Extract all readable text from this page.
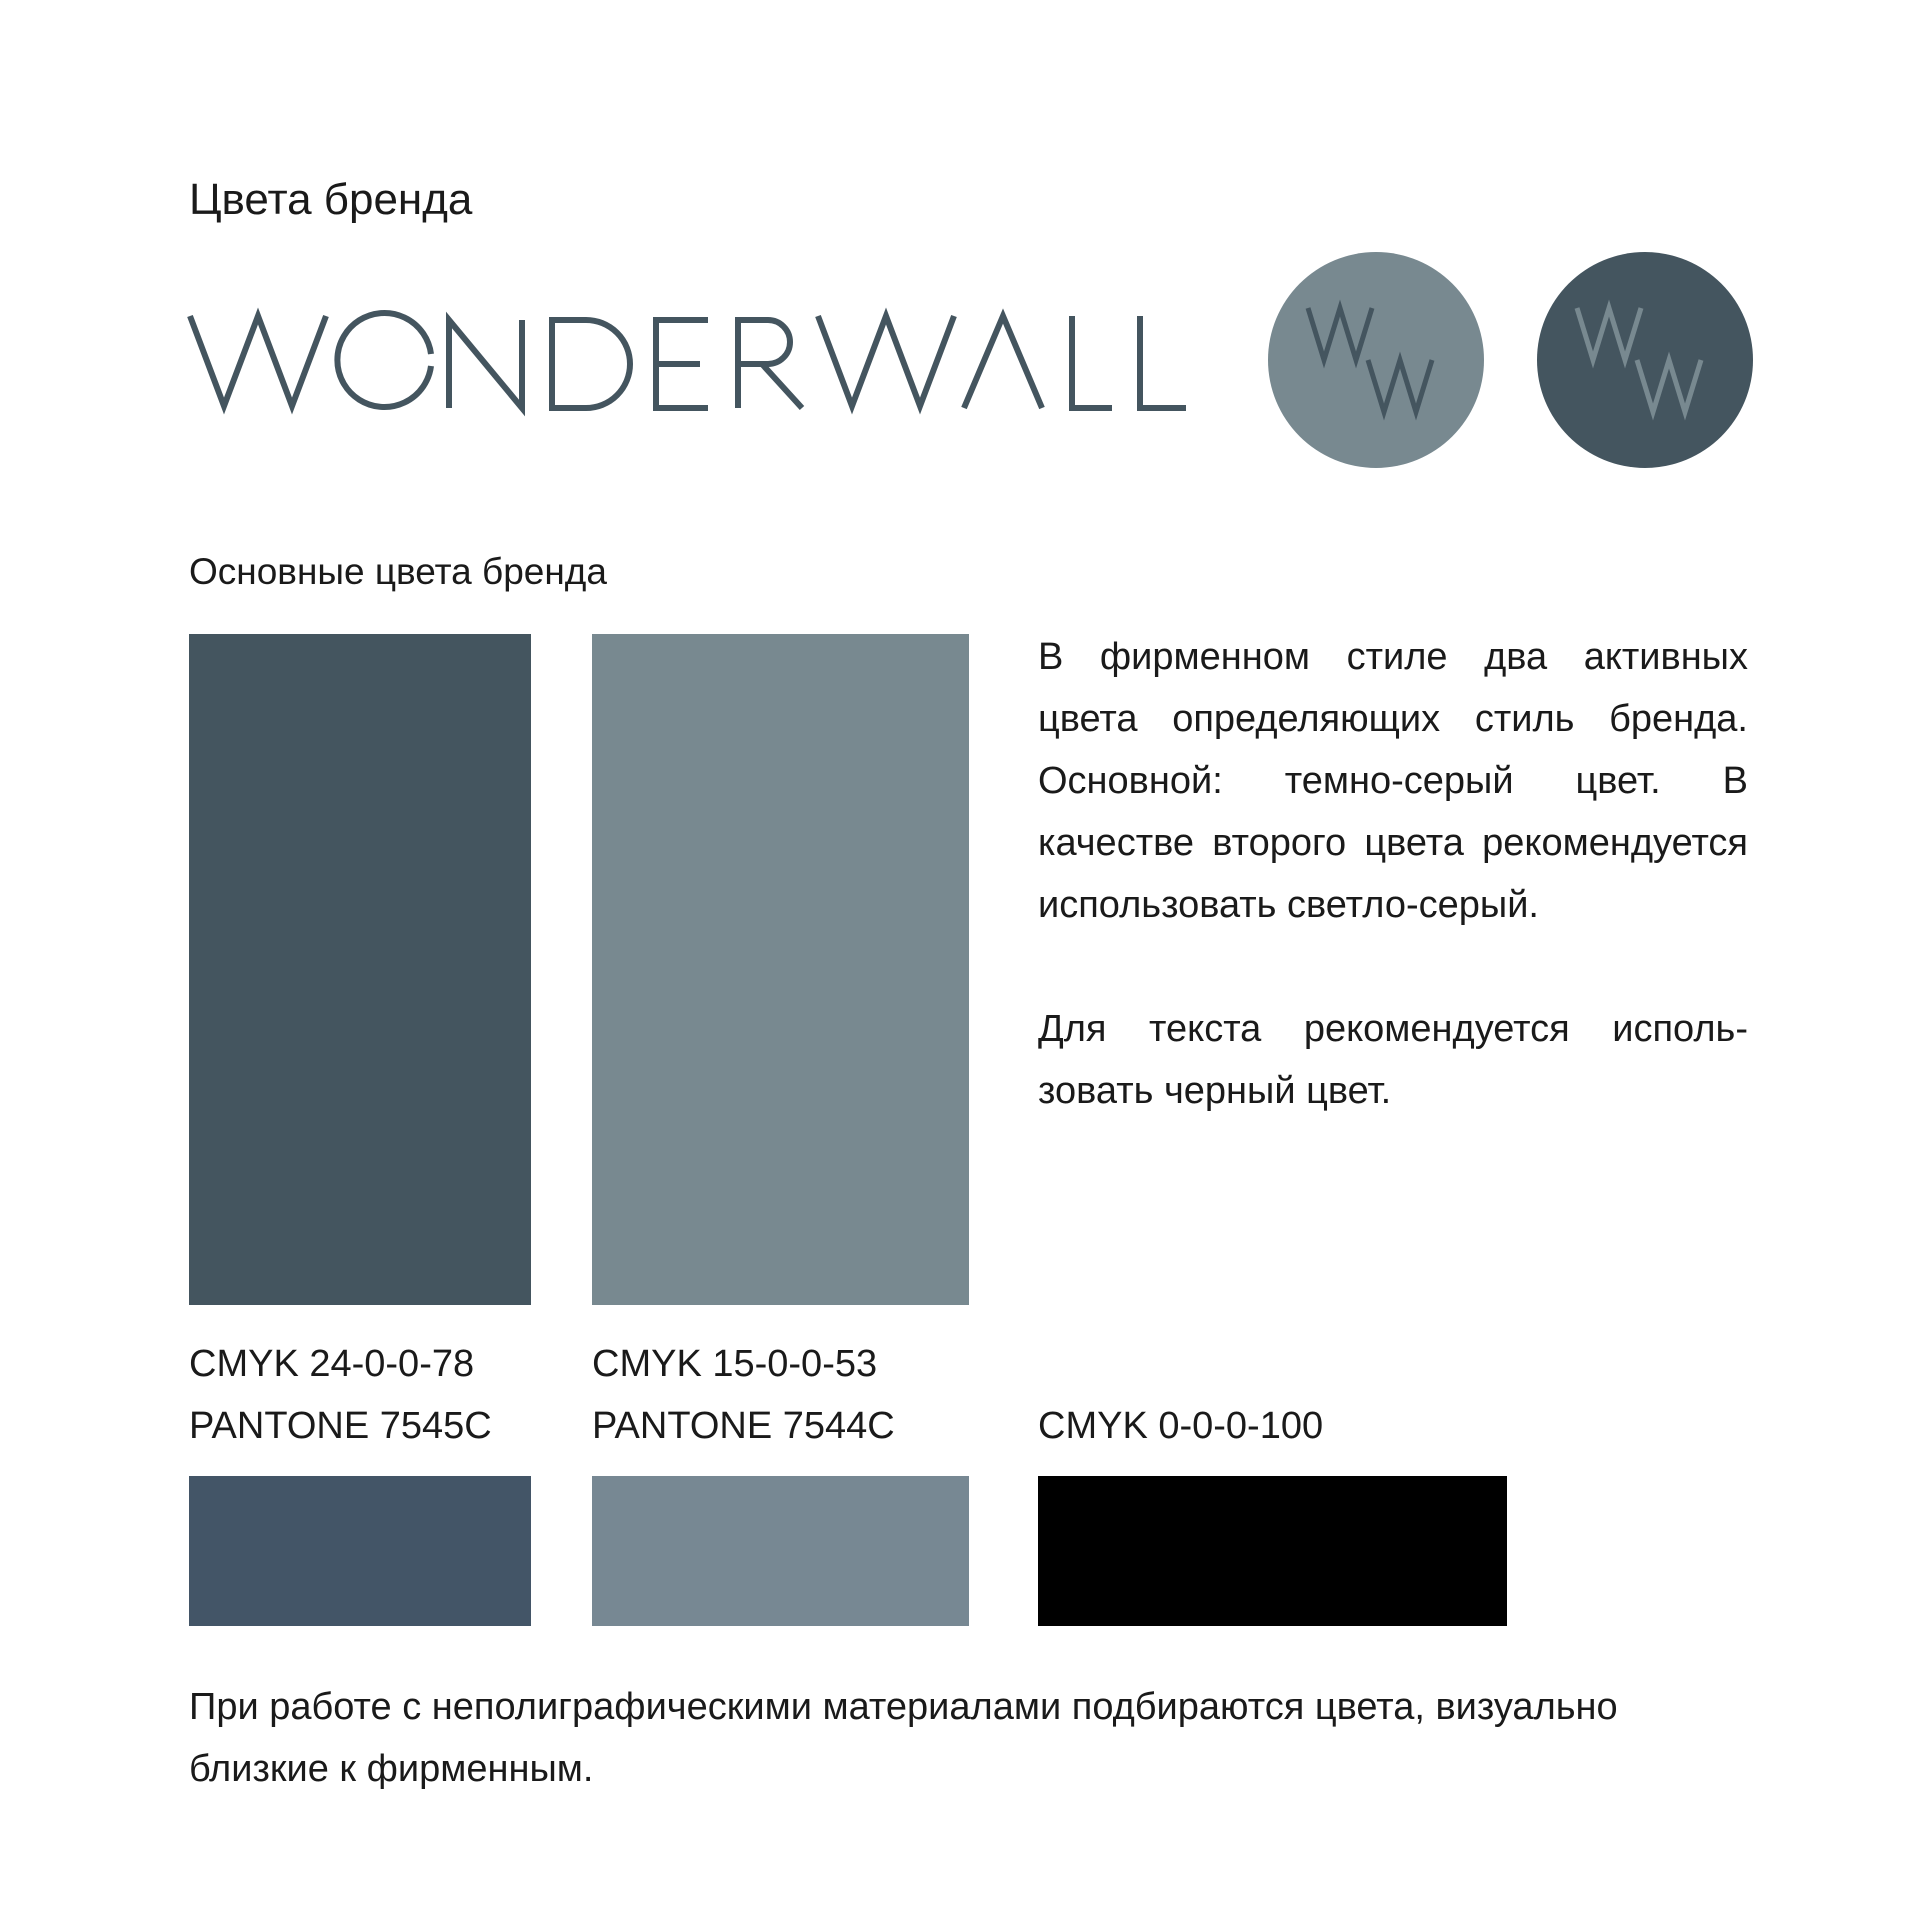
Цвета бренда
Основные цвета бренда

В фирменном стиле два активных цвета определяющих стиль бренда. Основной: темно-серый цвет. В качестве второго цвета рекомендуется использовать светло-серый.

Для текста рекомендуется использовать черный цвет.

CMYK 24-0-0-78
PANTONE 7545C
CMYK 15-0-0-53
PANTONE 7544C	CMYK 0-0-0-100
При работе с неполиграфическими материалами подбираются цвета, визуально близкие к фирменным.
